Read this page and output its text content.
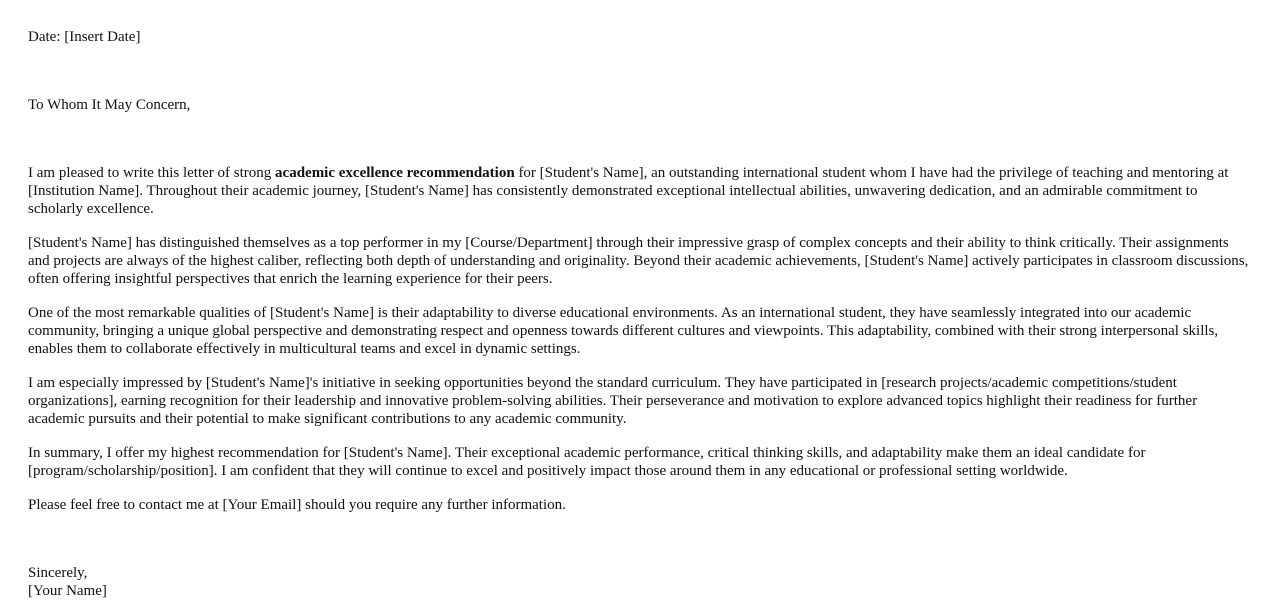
Date: [Insert Date]

To Whom It May Concern,

I am pleased to write this letter of strong academic excellence recommendation for [Student's Name], an outstanding international student whom I have had the privilege of teaching and mentoring at [Institution Name]. Throughout their academic journey, [Student's Name] has consistently demonstrated exceptional intellectual abilities, unwavering dedication, and an admirable commitment to scholarly excellence.

[Student's Name] has distinguished themselves as a top performer in my [Course/Department] through their impressive grasp of complex concepts and their ability to think critically. Their assignments and projects are always of the highest caliber, reflecting both depth of understanding and originality. Beyond their academic achievements, [Student's Name] actively participates in classroom discussions, often offering insightful perspectives that enrich the learning experience for their peers.

One of the most remarkable qualities of [Student's Name] is their adaptability to diverse educational environments. As an international student, they have seamlessly integrated into our academic community, bringing a unique global perspective and demonstrating respect and openness towards different cultures and viewpoints. This adaptability, combined with their strong interpersonal skills, enables them to collaborate effectively in multicultural teams and excel in dynamic settings.

I am especially impressed by [Student's Name]'s initiative in seeking opportunities beyond the standard curriculum. They have participated in [research projects/academic competitions/student organizations], earning recognition for their leadership and innovative problem-solving abilities. Their perseverance and motivation to explore advanced topics highlight their readiness for further academic pursuits and their potential to make significant contributions to any academic community.

In summary, I offer my highest recommendation for [Student's Name]. Their exceptional academic performance, critical thinking skills, and adaptability make them an ideal candidate for [program/scholarship/position]. I am confident that they will continue to excel and positively impact those around them in any educational or professional setting worldwide.

Please feel free to contact me at [Your Email] should you require any further information.

Sincerely,

[Your Name]
